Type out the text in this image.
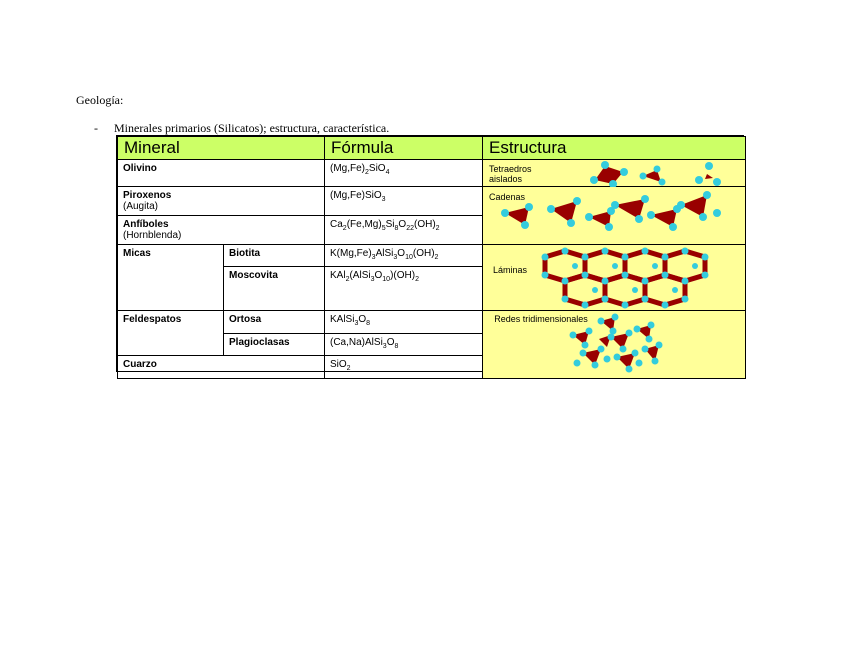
Geología:
- Minerales primarios (Silicatos); estructura, característica.
Mineral		Fórmula	Estructura
Olivino		$(Mg,Fe)_2SiO_4$	Tetraedros aislados

Piroxenos
(Augita)		(Mg,Fe)SiO$_3$	Cadenas

Anfíboles
(Hornblenda)		$Ca_2(Fe,Mg)_5Si_8O_{22}(OH)_2$
Micas	Biotita	$K(Mg,Fe)_3AlSi_3O_{10}(OH)_2$	Láminas

	Moscovita	$KAl_2(AlSi_3O_{10})(OH)_2$
Feldespatos	Ortosa	$KAlSi_3O_8$	Redes tridimensionales

	Plagioclasas	$(Ca,Na)AlSi_3O_8$
Cuarzo		SiO$_2$
